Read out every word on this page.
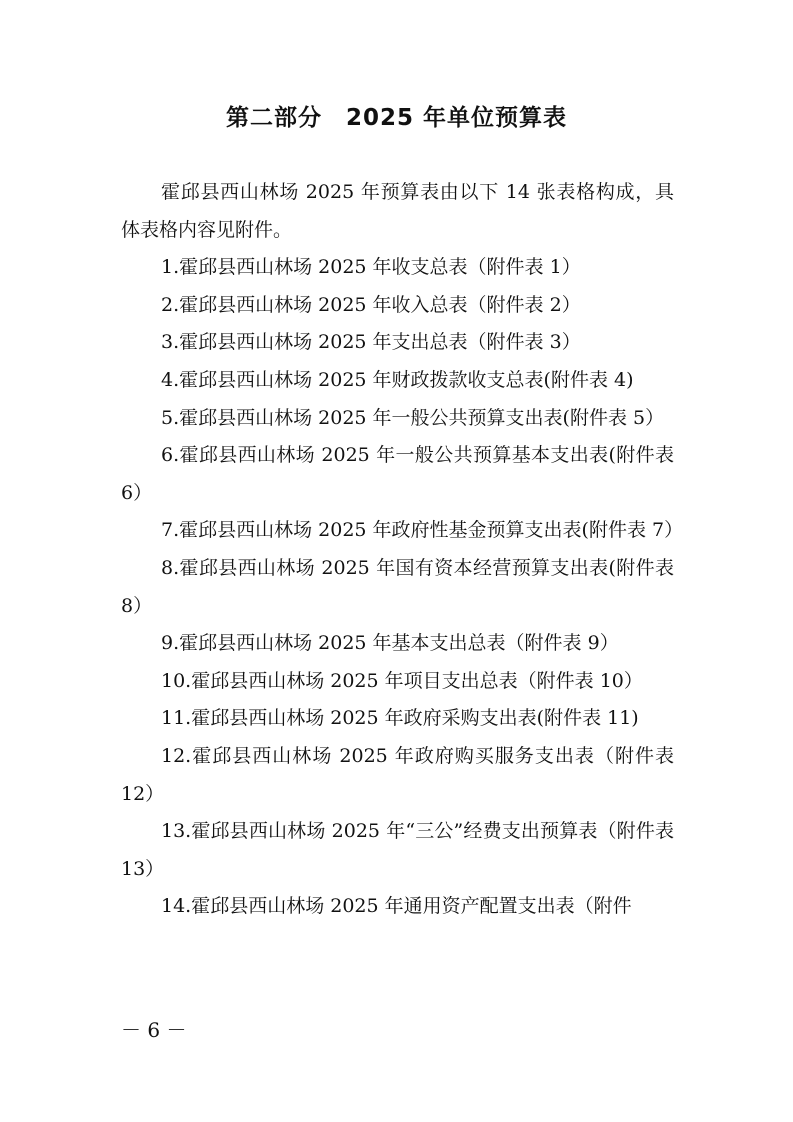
第二部分　2025 年单位预算表

霍邱县西山林场 2025 年预算表由以下 14 张表格构成，具体表格内容见附件。

1.霍邱县西山林场 2025 年收支总表（附件表 1）

2.霍邱县西山林场 2025 年收入总表（附件表 2）

3.霍邱县西山林场 2025 年支出总表（附件表 3）

4.霍邱县西山林场 2025 年财政拨款收支总表(附件表 4)

5.霍邱县西山林场 2025 年一般公共预算支出表(附件表 5）

6.霍邱县西山林场 2025 年一般公共预算基本支出表(附件表 6）

7.霍邱县西山林场 2025 年政府性基金预算支出表(附件表 7）

8.霍邱县西山林场 2025 年国有资本经营预算支出表(附件表 8）

9.霍邱县西山林场 2025 年基本支出总表（附件表 9）

10.霍邱县西山林场 2025 年项目支出总表（附件表 10）

11.霍邱县西山林场 2025 年政府采购支出表(附件表 11)

12.霍邱县西山林场 2025 年政府购买服务支出表（附件表 12）

13.霍邱县西山林场 2025 年“三公”经费支出预算表（附件表 13）

14.霍邱县西山林场 2025 年通用资产配置支出表（附件

－ 6 －
